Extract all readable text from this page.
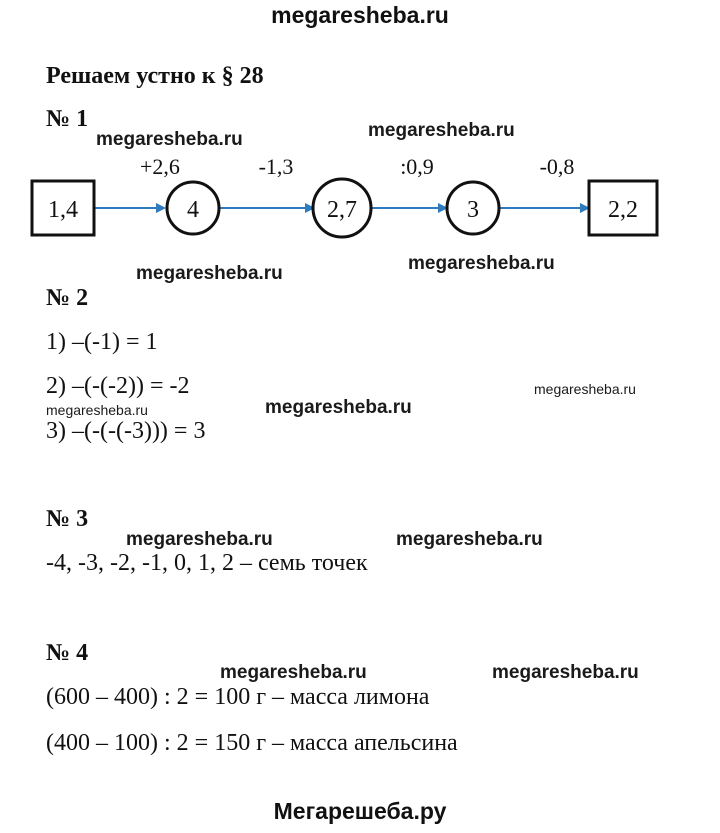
megaresheba.ru
Решаем устно к § 28
№ 1
+2,6	-1,3	:0,9	-0,8
1,4	4	2,7	3	2,2
№ 2
1) –(-1) = 1
2) –(-(-2)) = -2
3) –(-(-(-3))) = 3
№ 3
-4, -3, -2, -1, 0, 1, 2 – семь точек
№ 4
(600 – 400) : 2 = 100 г – масса лимона
(400 – 100) : 2 = 150 г – масса апельсина
megaresheba.ru	megaresheba.ru
megaresheba.ru	megaresheba.ru
megaresheba.ru
megaresheba.ru	megaresheba.ru
megaresheba.ru	megaresheba.ru
megaresheba.ru	megaresheba.ru
Мегарешеба.ру
